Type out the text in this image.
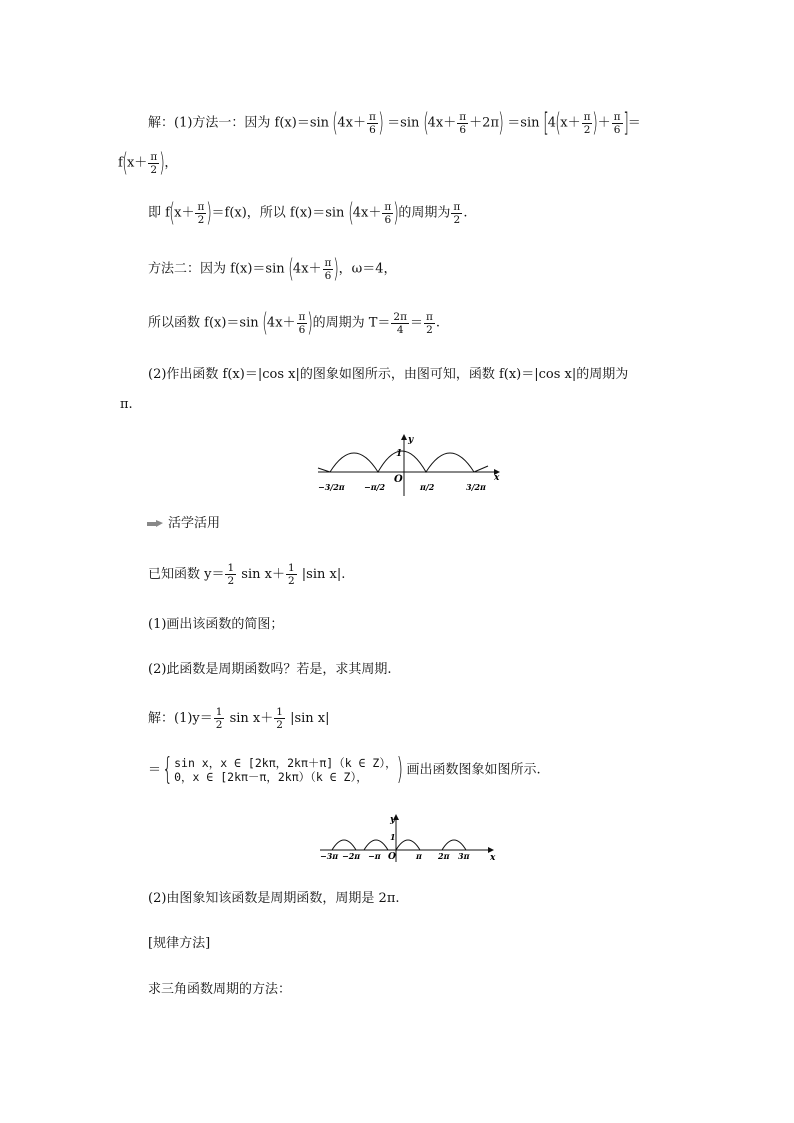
解：(1)方法一：因为 f(x)＝sin ($4x+ \frac{\pi}{6}$ ) ＝sin $(4x+ \frac{\pi}{6} +2\pi) =\sin$ [$4(x+ \frac{\pi}{2}$ )＋ $\frac{\pi}{6}$ ]＝
$f(x+ \frac{\pi}{2}$ )，
即 $f(x+ \frac{\pi}{2} )=f(x)$，所以 f(x)＝sin ($4x+ \frac{\pi}{6}$ )的周期为 $\frac{\pi}{2}$ .
方法二：因为 f(x)＝sin ($4x+ \frac{\pi}{6}$ )，ω＝4，
所以函数 f(x)＝sin ($4x+ \frac{\pi}{6}$ )的周期为 $T= \frac{2\pi}{4} = \frac{\pi}{2}$ .
(2)作出函数 f(x)＝|cos x|的图象如图所示，由图可知，函数 f(x)＝|cos x|的周期为
π.
y
x
1
O
−3/2π −π/2	π/2	3/2π
活学活用
已知函数 $y= \frac{1}{2}$ $\sin x+ \frac{1}{2} |\sin$ x|.
(1)画出该函数的简图；
(2)此函数是周期函数吗？若是，求其周期.
解：$(1)y= \frac{1}{2}$ $\sin x+ \frac{1}{2} |\sin$ x|
＝{ sin x，x ∈ [2kπ，2kπ＋π]（k ∈ Z），
0，x ∈ [2kπ－π，2kπ）（k ∈ Z）， ) 画出函数图象如图所示.
y
x
1
O
−3π −2π −π	π 2π 3π
(2)由图象知该函数是周期函数，周期是 2π.
[规律方法]
求三角函数周期的方法：
